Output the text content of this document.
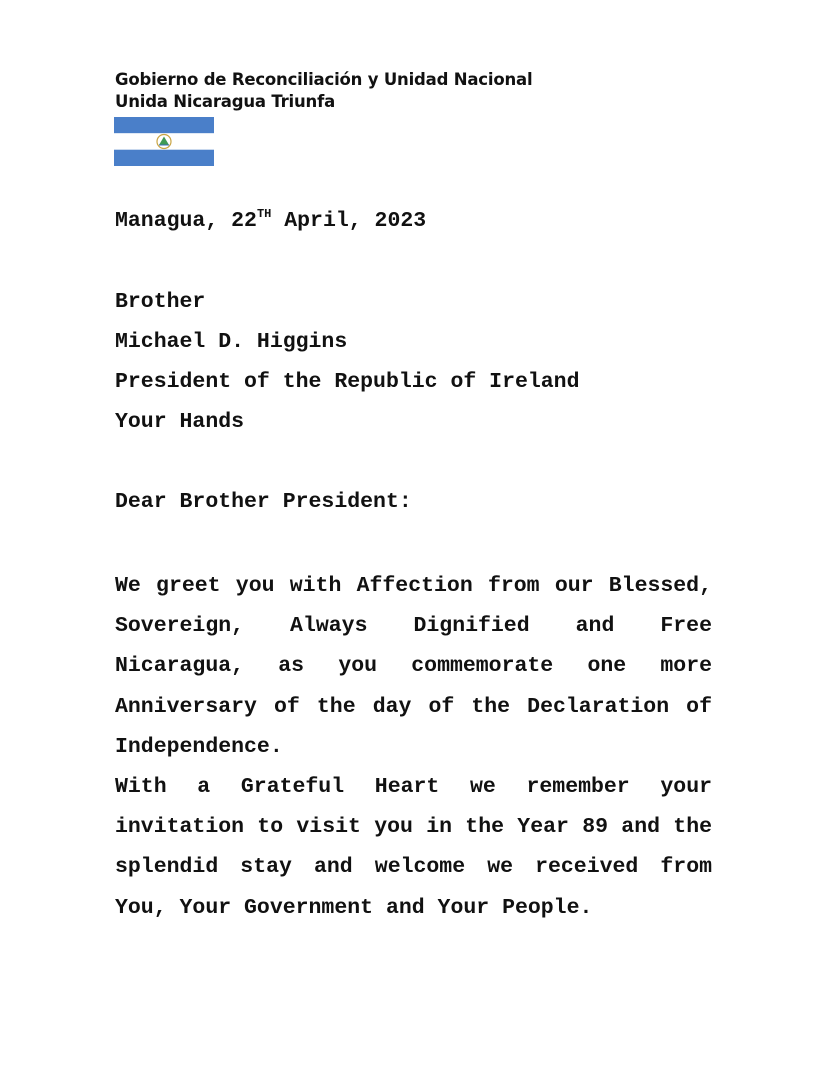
Gobierno de Reconciliación y Unidad Nacional
Unida Nicaragua Triunfa
Managua, 22TH April, 2023
Brother
Michael D. Higgins
President of the Republic of Ireland
Your Hands
Dear Brother President:
We greet you with Affection from our Blessed, Sovereign, Always Dignified and Free Nicaragua, as you commemorate one more Anniversary of the day of the Declaration of Independence.
With a Grateful Heart we remember your invitation to visit you in the Year 89 and the splendid stay and welcome we received from You, Your Government and Your People.
